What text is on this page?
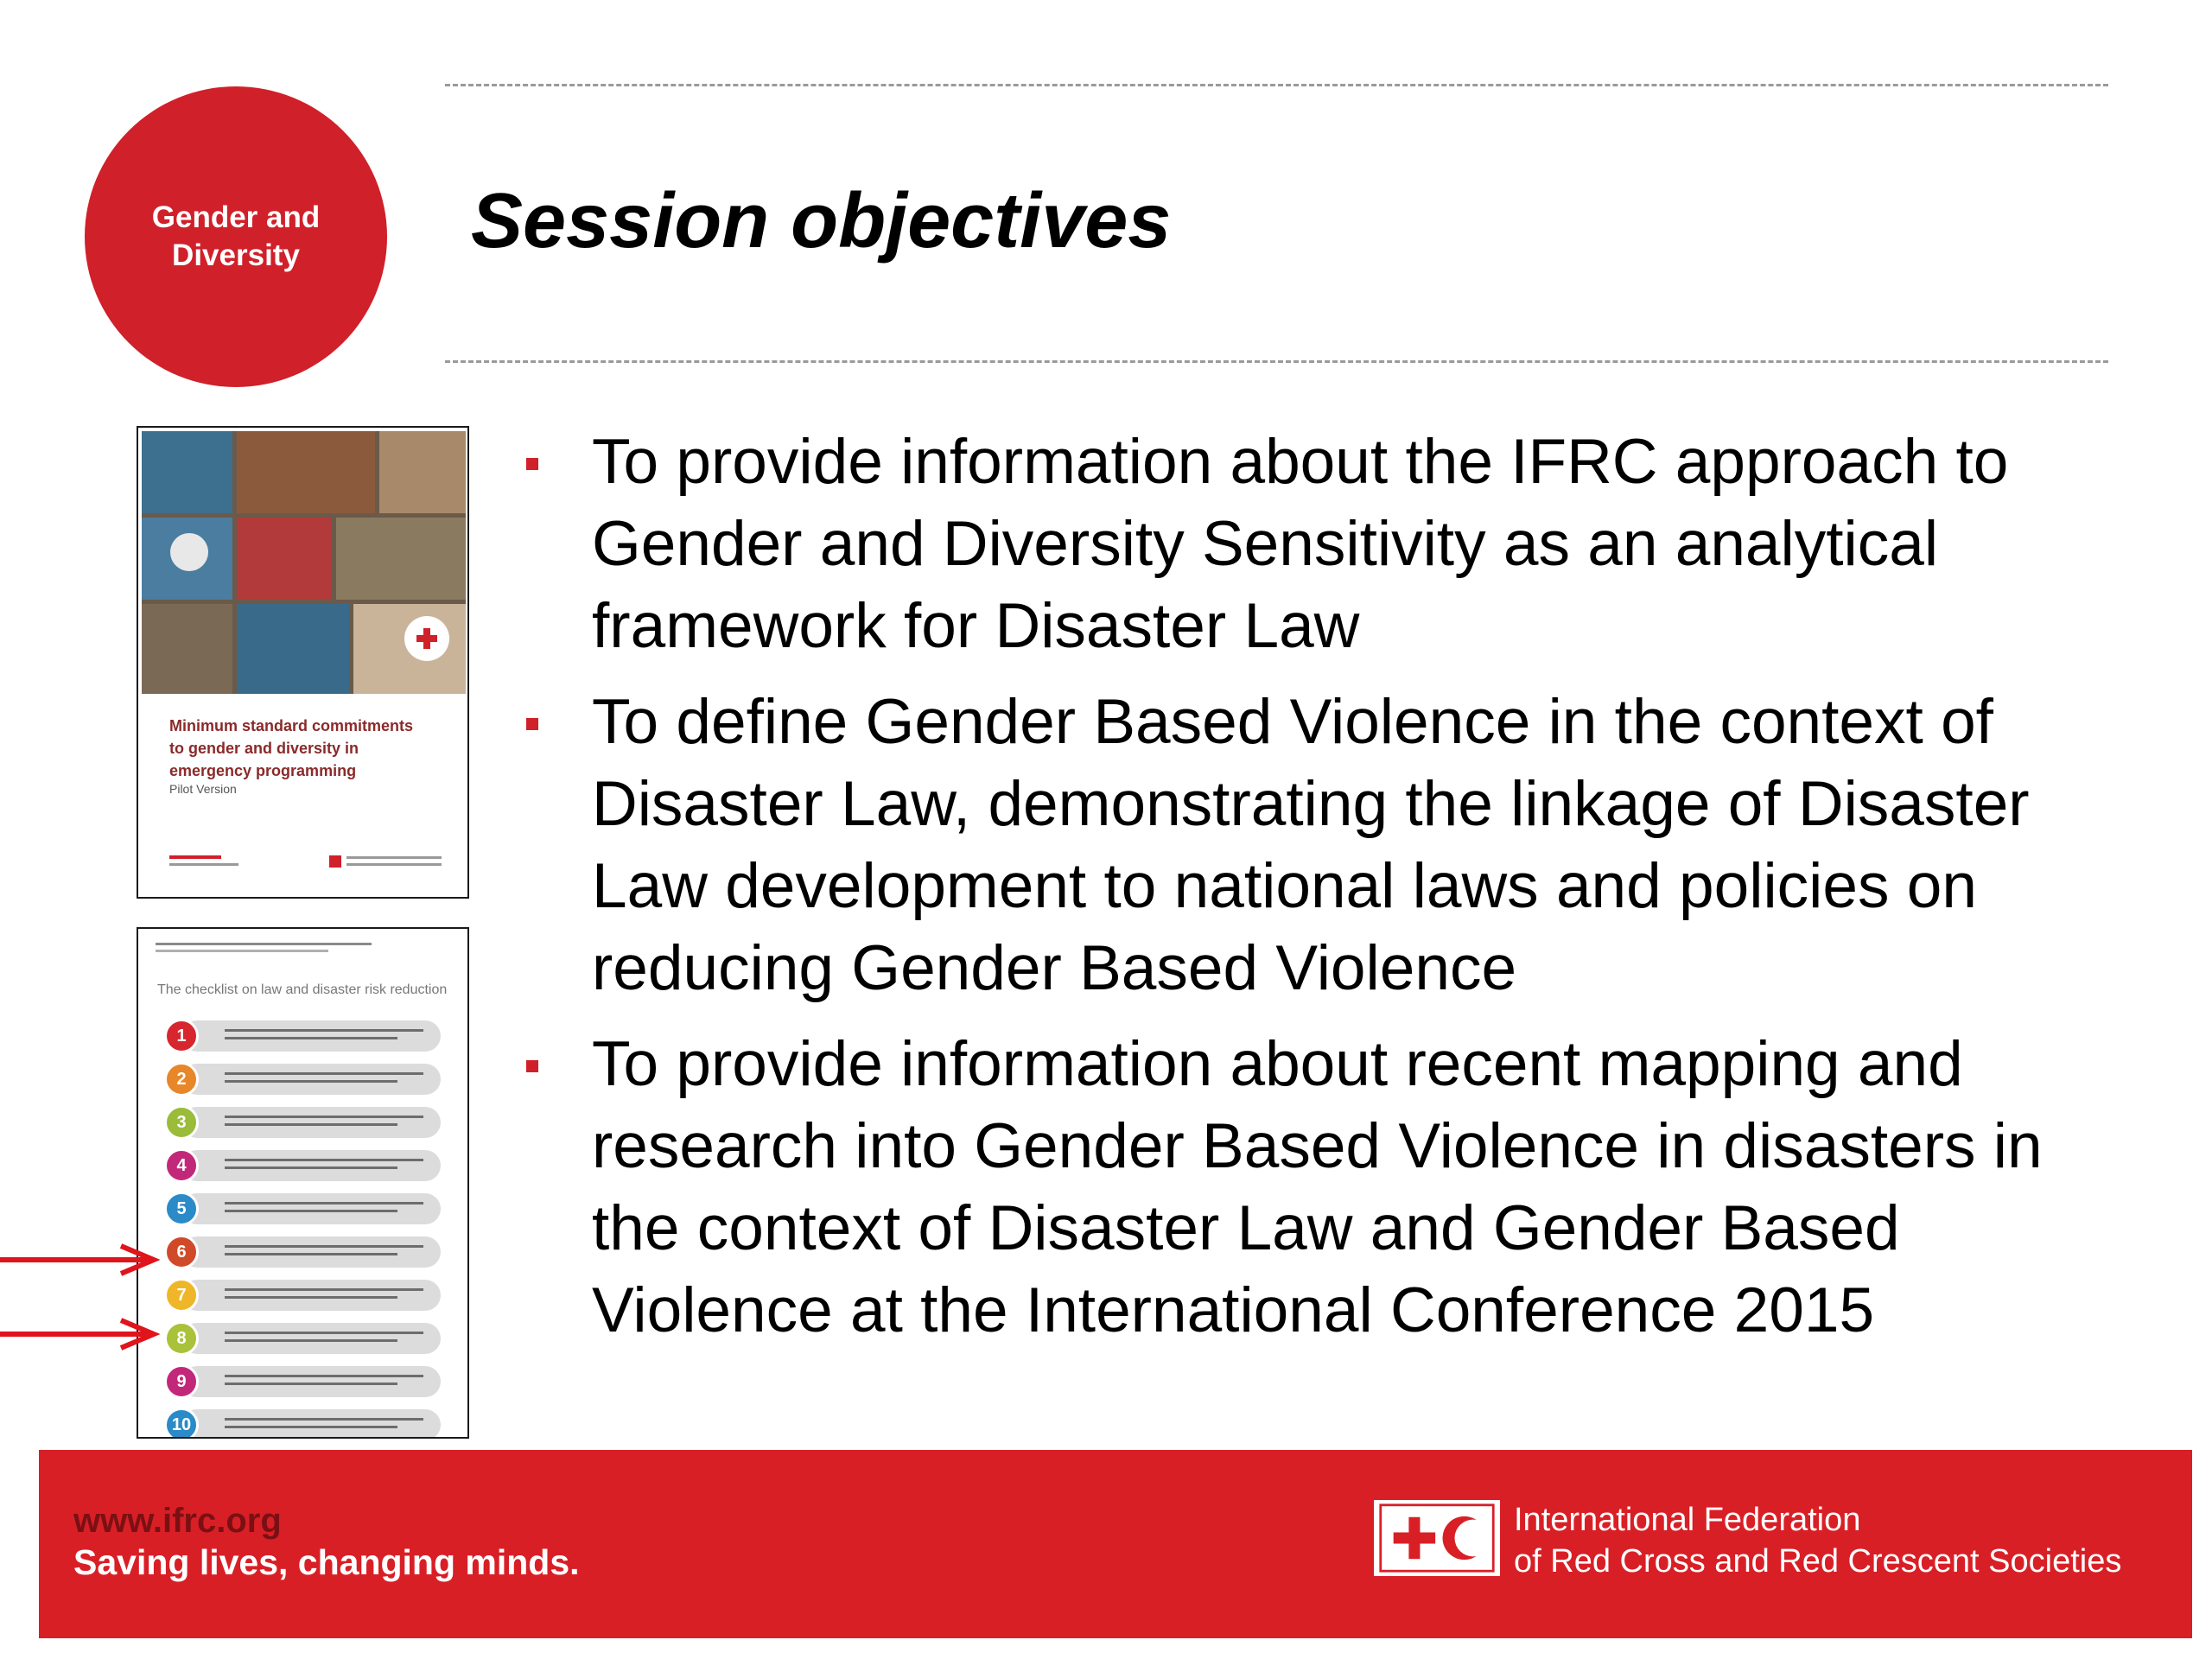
Gender and
Diversity Session objectives
To provide information about the IFRC approach to Gender and Diversity Sensitivity as an analytical framework for Disaster Law
To define Gender Based Violence in the context of Disaster Law, demonstrating the linkage of Disaster Law development to national laws and policies on reducing Gender Based Violence
To provide information about recent mapping and research into Gender Based Violence in disasters in the context of Disaster Law and Gender Based Violence at the International Conference 2015
Minimum standard commitments
to gender and diversity in
emergency programming
Pilot Version
The checklist on law and disaster risk reduction
1
2
3
4
5
6
7
8
9
10
www.ifrc.org
Saving lives, changing minds.
International Federation
of Red Cross and Red Crescent Societies
